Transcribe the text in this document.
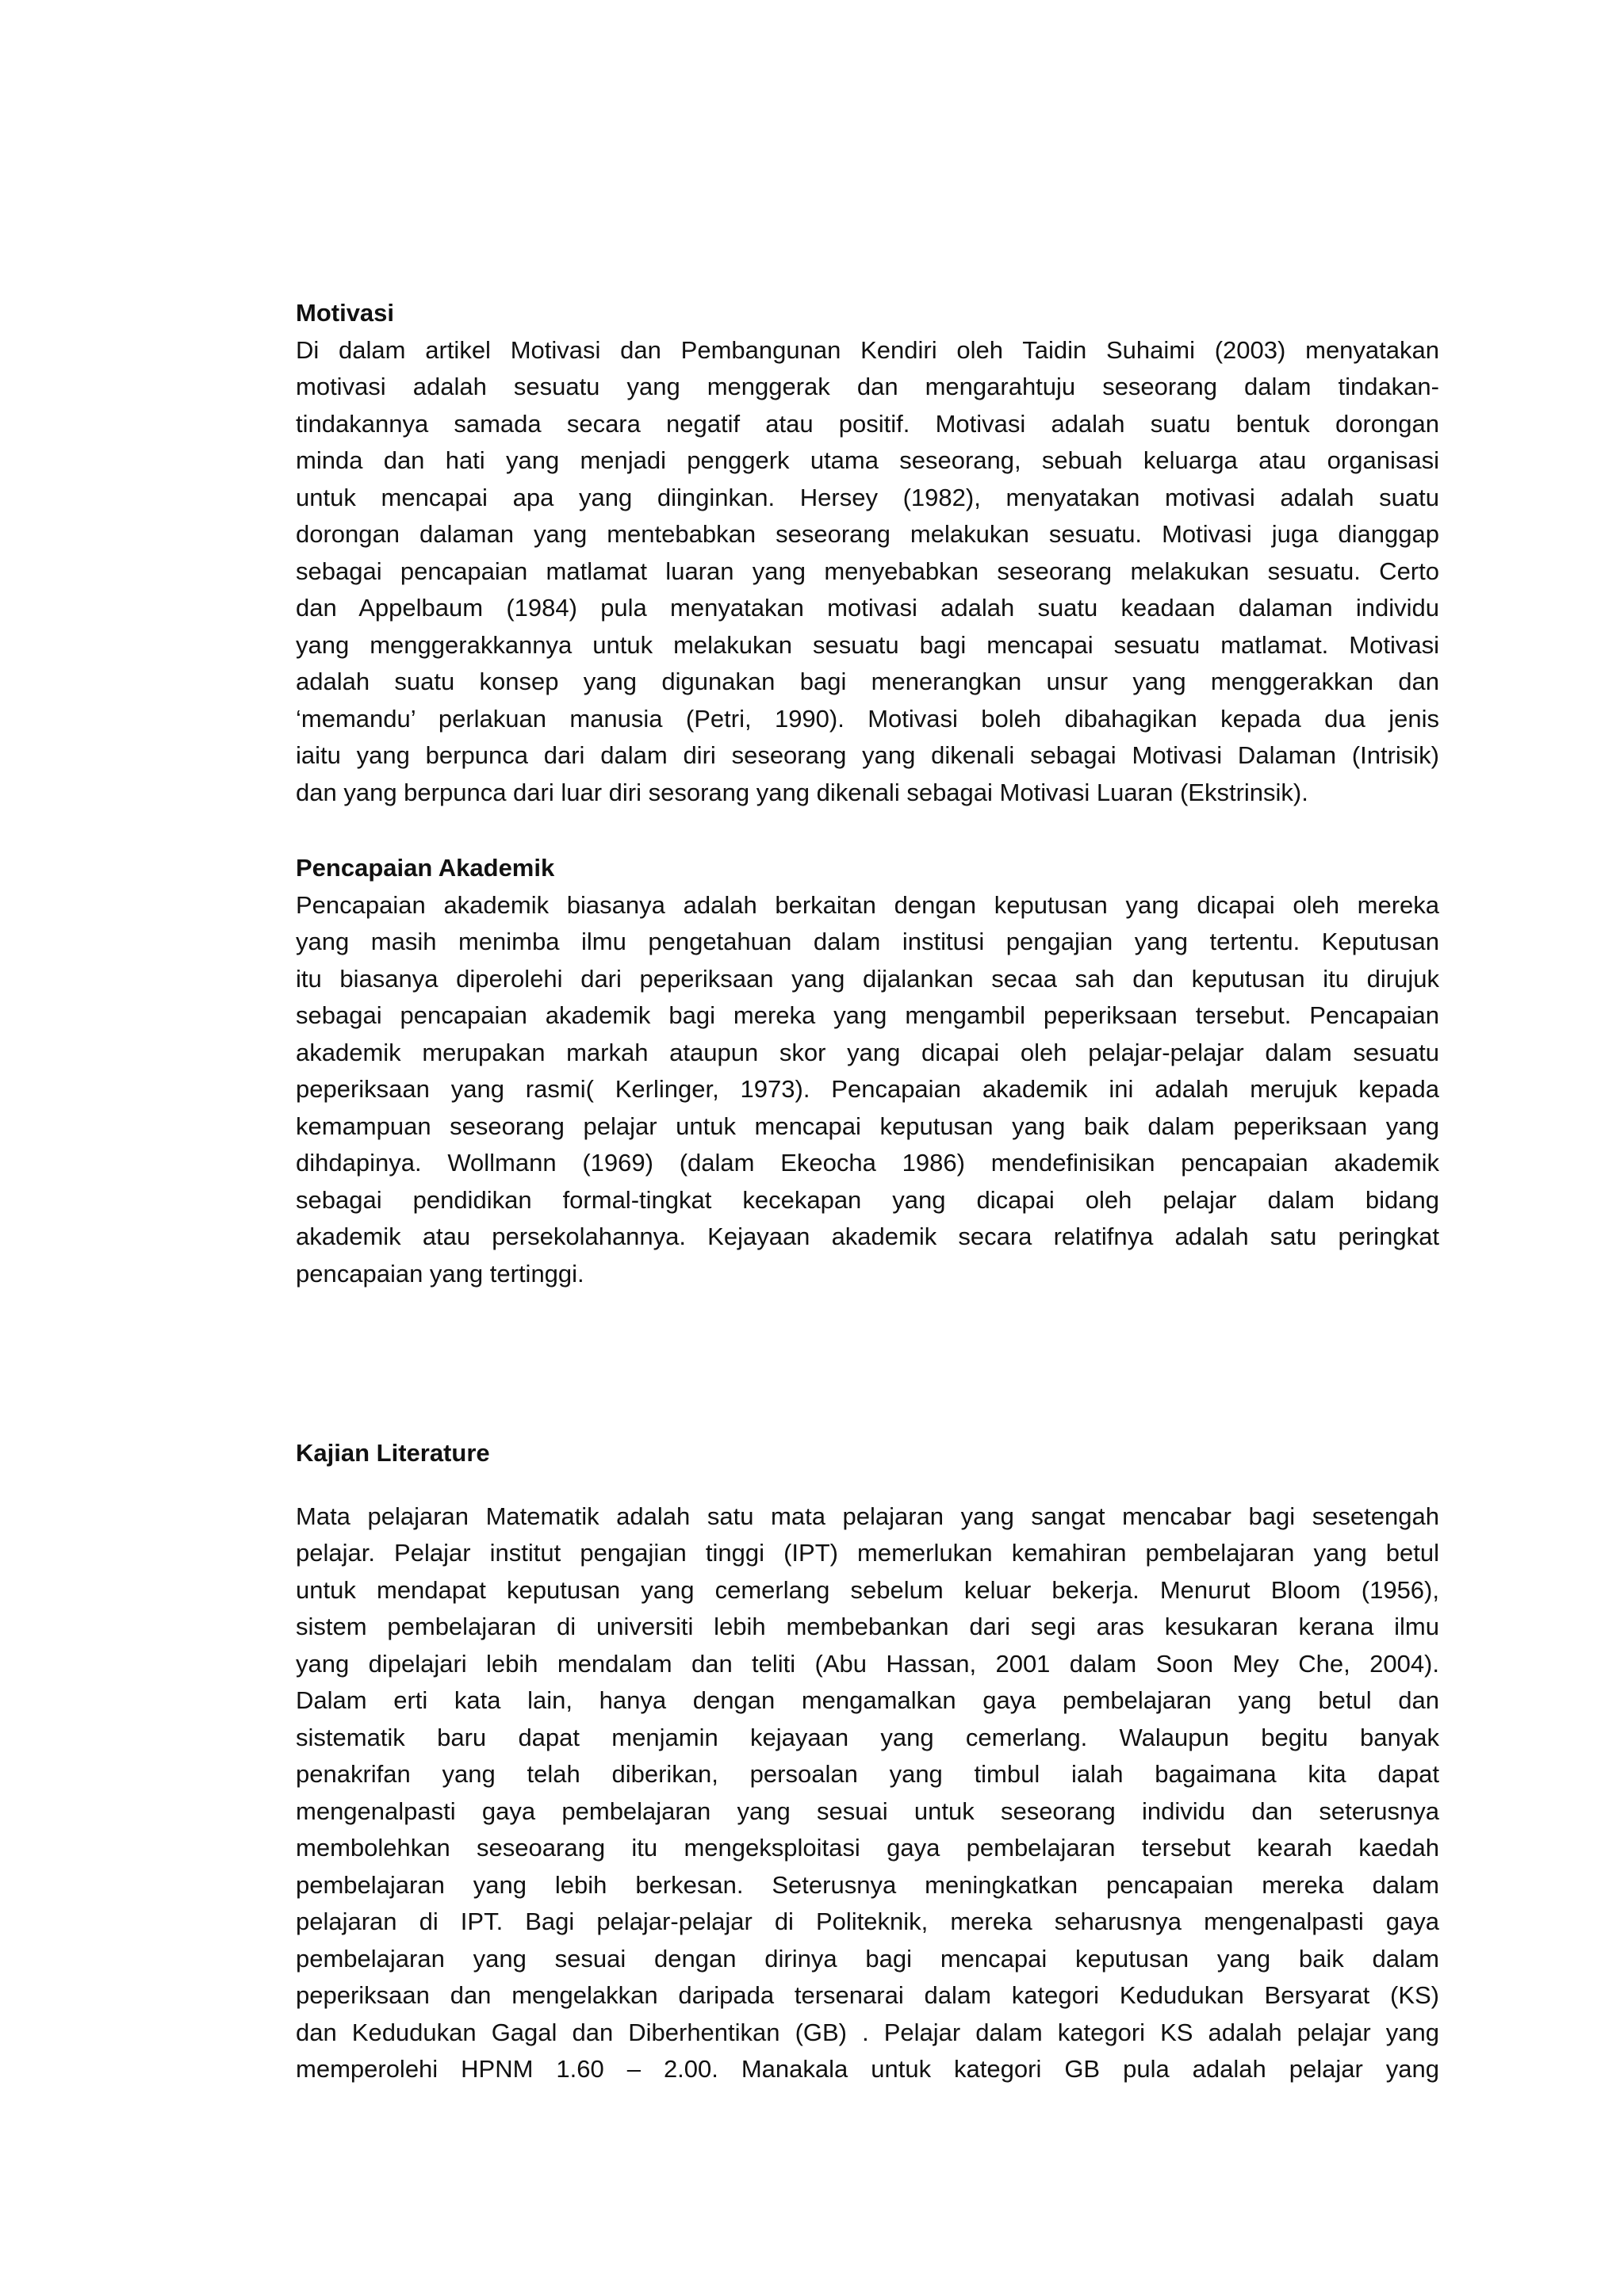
Motivasi
Di dalam artikel Motivasi dan Pembangunan Kendiri oleh Taidin Suhaimi (2003) menyatakan
motivasi adalah sesuatu yang menggerak dan mengarahtuju seseorang dalam tindakan-
tindakannya samada secara negatif atau positif. Motivasi adalah suatu bentuk dorongan
minda dan hati yang menjadi penggerk utama seseorang, sebuah keluarga atau organisasi
untuk mencapai apa yang diinginkan. Hersey (1982), menyatakan motivasi adalah suatu
dorongan dalaman yang mentebabkan seseorang melakukan sesuatu. Motivasi juga dianggap
sebagai pencapaian matlamat luaran yang menyebabkan seseorang melakukan sesuatu. Certo
dan Appelbaum (1984) pula menyatakan motivasi adalah suatu keadaan dalaman individu
yang menggerakkannya untuk melakukan sesuatu bagi mencapai sesuatu matlamat. Motivasi
adalah suatu konsep yang digunakan bagi menerangkan unsur yang menggerakkan dan
‘memandu’ perlakuan manusia (Petri, 1990). Motivasi boleh dibahagikan kepada dua jenis
iaitu yang berpunca dari dalam diri seseorang yang dikenali sebagai Motivasi Dalaman (Intrisik)
dan yang berpunca dari luar diri sesorang yang dikenali sebagai Motivasi Luaran (Ekstrinsik).
Pencapaian Akademik
Pencapaian akademik biasanya adalah berkaitan dengan keputusan yang dicapai oleh mereka
yang masih menimba ilmu pengetahuan dalam institusi pengajian yang tertentu. Keputusan
itu biasanya diperolehi dari peperiksaan yang dijalankan secaa sah dan keputusan itu dirujuk
sebagai pencapaian akademik bagi mereka yang mengambil peperiksaan tersebut. Pencapaian
akademik merupakan markah ataupun skor yang dicapai oleh pelajar-pelajar dalam sesuatu
peperiksaan yang rasmi( Kerlinger, 1973). Pencapaian akademik ini adalah merujuk kepada
kemampuan seseorang pelajar untuk mencapai keputusan yang baik dalam peperiksaan yang
dihdapinya. Wollmann (1969) (dalam Ekeocha 1986) mendefinisikan pencapaian akademik
sebagai pendidikan formal-tingkat kecekapan yang dicapai oleh pelajar dalam bidang
akademik atau persekolahannya. Kejayaan akademik secara relatifnya adalah satu peringkat
pencapaian yang tertinggi.
Kajian Literature
Mata pelajaran Matematik adalah satu mata pelajaran yang sangat mencabar bagi sesetengah
pelajar. Pelajar institut pengajian tinggi (IPT) memerlukan kemahiran pembelajaran yang betul
untuk mendapat keputusan yang cemerlang sebelum keluar bekerja. Menurut Bloom (1956),
sistem pembelajaran di universiti lebih membebankan dari segi aras kesukaran kerana ilmu
yang dipelajari lebih mendalam dan teliti (Abu Hassan, 2001 dalam Soon Mey Che, 2004).
Dalam erti kata lain, hanya dengan mengamalkan gaya pembelajaran yang betul dan
sistematik baru dapat menjamin kejayaan yang cemerlang. Walaupun begitu banyak
penakrifan yang telah diberikan, persoalan yang timbul ialah bagaimana kita dapat
mengenalpasti gaya pembelajaran yang sesuai untuk seseorang individu dan seterusnya
membolehkan seseoarang itu mengeksploitasi gaya pembelajaran tersebut kearah kaedah
pembelajaran yang lebih berkesan. Seterusnya meningkatkan pencapaian mereka dalam
pelajaran di IPT. Bagi pelajar-pelajar di Politeknik, mereka seharusnya mengenalpasti gaya
pembelajaran yang sesuai dengan dirinya bagi mencapai keputusan yang baik dalam
peperiksaan dan mengelakkan daripada tersenarai dalam kategori Kedudukan Bersyarat (KS)
dan Kedudukan Gagal dan Diberhentikan (GB) . Pelajar dalam kategori KS adalah pelajar yang
memperolehi HPNM 1.60 – 2.00. Manakala untuk kategori GB pula adalah pelajar yang
